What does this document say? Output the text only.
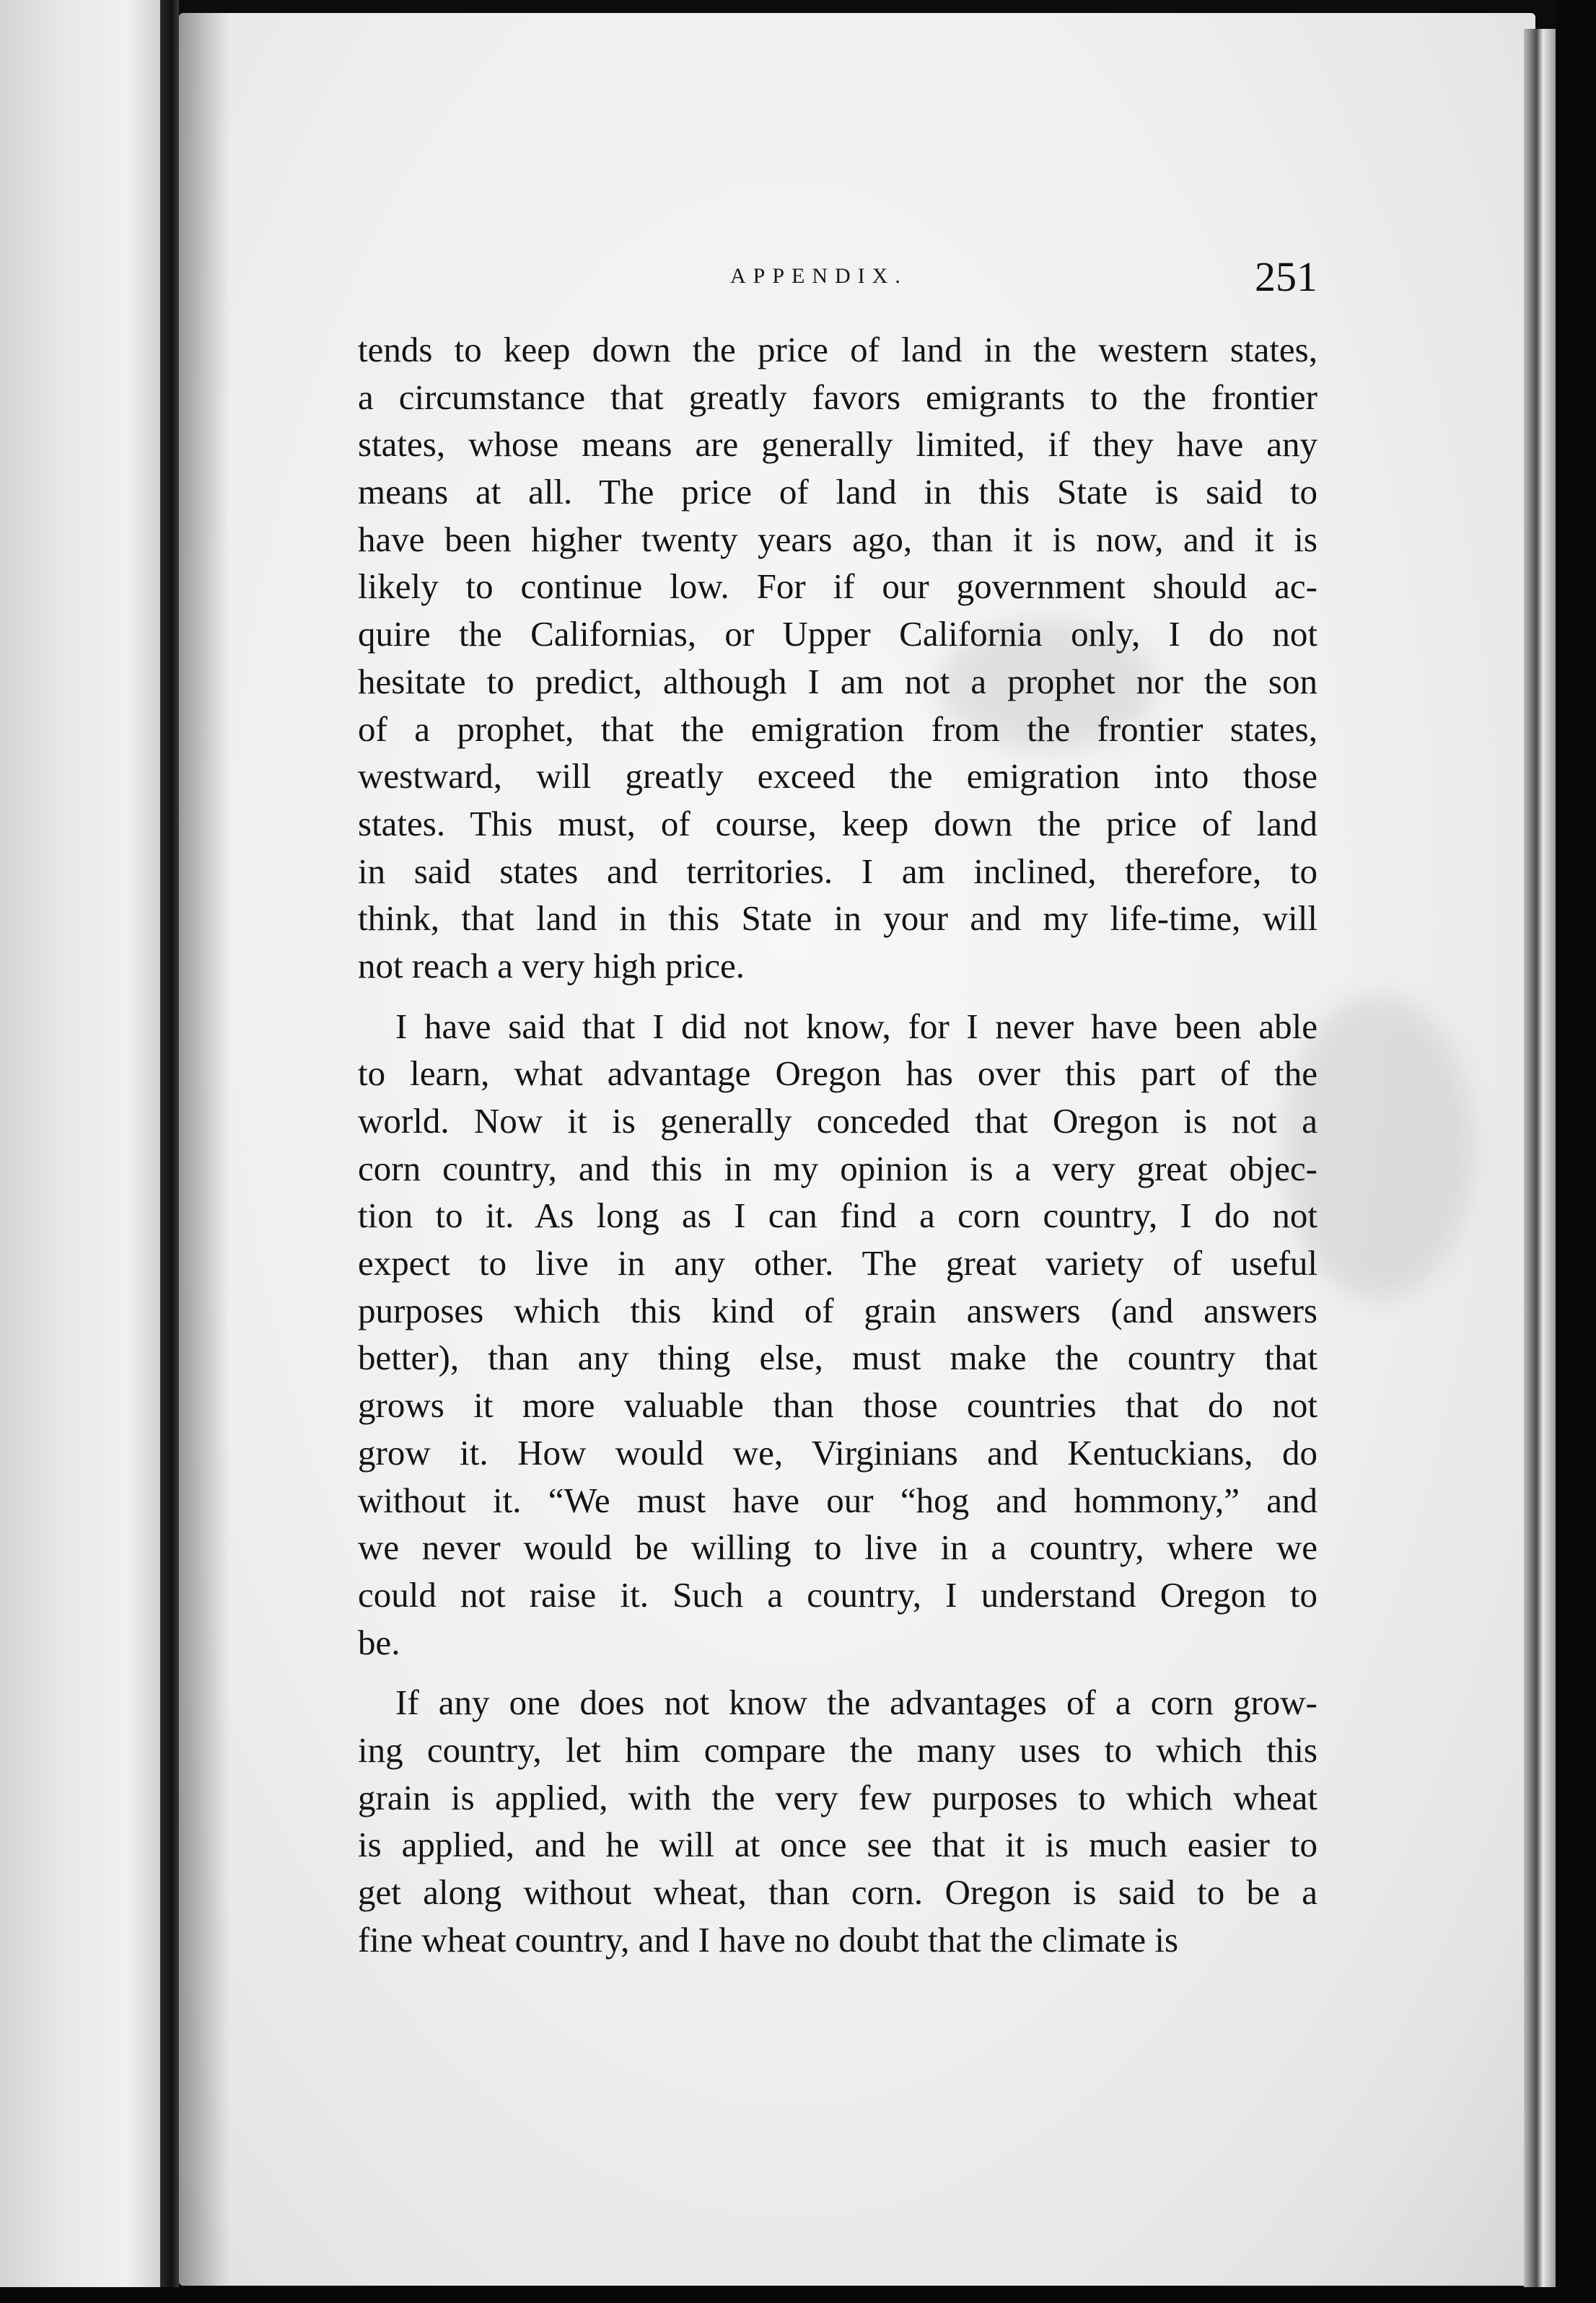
APPENDIX.	251
tends to keep down the price of land in the western states,
a circumstance that greatly favors emigrants to the frontier
states, whose means are generally limited, if they have any
means at all. The price of land in this State is said to
have been higher twenty years ago, than it is now, and it is
likely to continue low. For if our government should ac-
quire the Californias, or Upper California only, I do not
hesitate to predict, although I am not a prophet nor the son
of a prophet, that the emigration from the frontier states,
westward, will greatly exceed the emigration into those
states. This must, of course, keep down the price of land
in said states and territories. I am inclined, therefore, to
think, that land in this State in your and my life-time, will
not reach a very high price.
I have said that I did not know, for I never have been able
to learn, what advantage Oregon has over this part of the
world. Now it is generally conceded that Oregon is not a
corn country, and this in my opinion is a very great objec-
tion to it. As long as I can find a corn country, I do not
expect to live in any other. The great variety of useful
purposes which this kind of grain answers (and answers
better), than any thing else, must make the country that
grows it more valuable than those countries that do not
grow it. How would we, Virginians and Kentuckians, do
without it. “We must have our “hog and hommony,” and
we never would be willing to live in a country, where we
could not raise it. Such a country, I understand Oregon to
be.
If any one does not know the advantages of a corn grow-
ing country, let him compare the many uses to which this
grain is applied, with the very few purposes to which wheat
is applied, and he will at once see that it is much easier to
get along without wheat, than corn. Oregon is said to be a
fine wheat country, and I have no doubt that the climate is
